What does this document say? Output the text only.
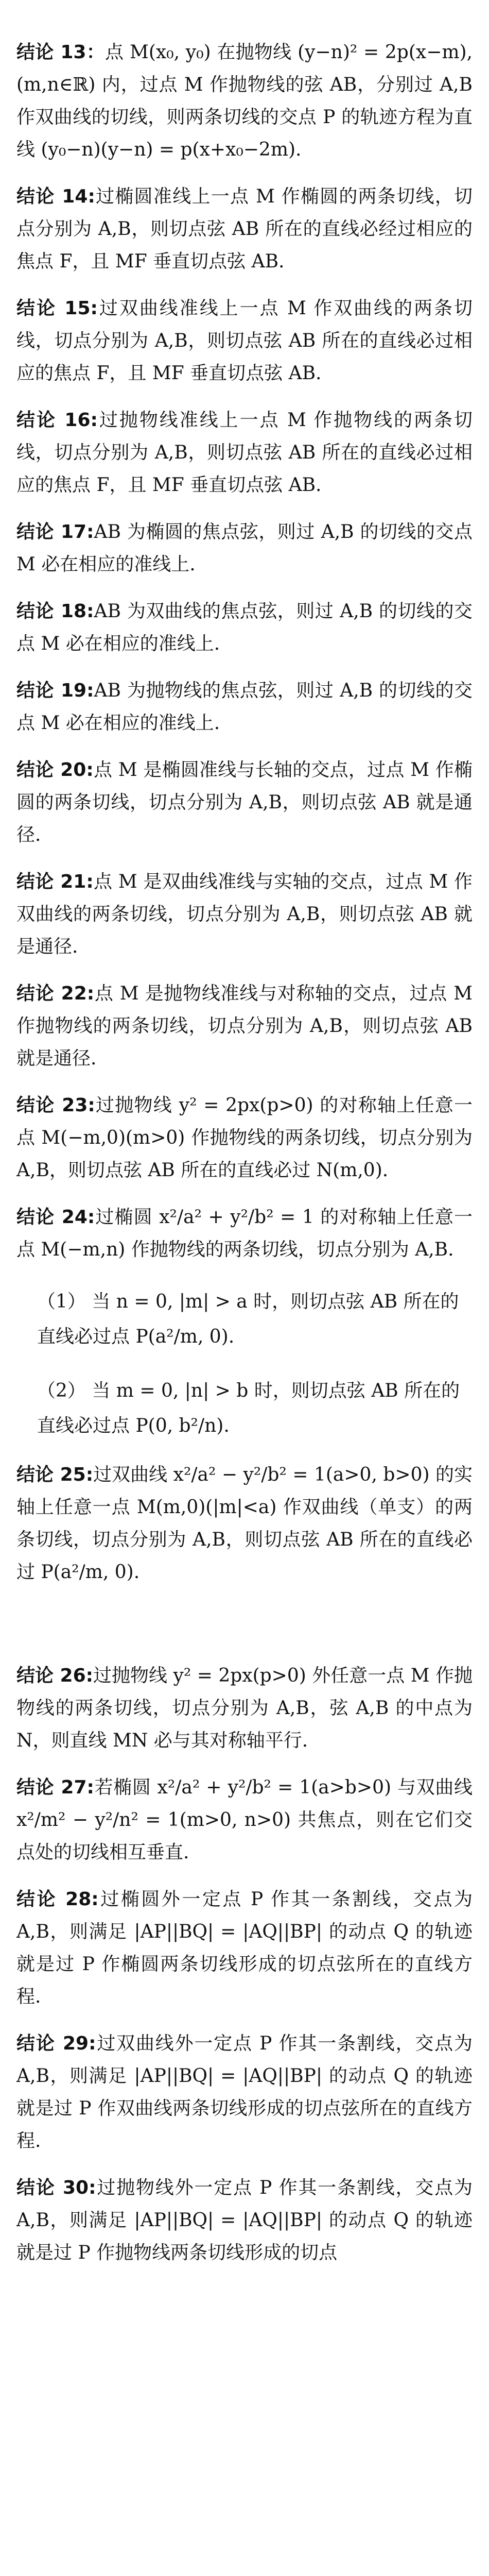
结论 13：点 M(x₀, y₀) 在抛物线 (y−n)² = 2p(x−m), (m,n∈ℝ) 内，过点 M 作抛物线的弦 AB，分别过 A,B 作双曲线的切线，则两条切线的交点 P 的轨迹方程为直线 (y₀−n)(y−n) = p(x+x₀−2m).

结论 14:过椭圆准线上一点 M 作椭圆的两条切线，切点分别为 A,B，则切点弦 AB 所在的直线必经过相应的焦点 F，且 MF 垂直切点弦 AB.

结论 15:过双曲线准线上一点 M 作双曲线的两条切线，切点分别为 A,B，则切点弦 AB 所在的直线必过相应的焦点 F，且 MF 垂直切点弦 AB.

结论 16:过抛物线准线上一点 M 作抛物线的两条切线，切点分别为 A,B，则切点弦 AB 所在的直线必过相应的焦点 F，且 MF 垂直切点弦 AB.

结论 17:AB 为椭圆的焦点弦，则过 A,B 的切线的交点 M 必在相应的准线上.

结论 18:AB 为双曲线的焦点弦，则过 A,B 的切线的交点 M 必在相应的准线上.

结论 19:AB 为抛物线的焦点弦，则过 A,B 的切线的交点 M 必在相应的准线上.

结论 20:点 M 是椭圆准线与长轴的交点，过点 M 作椭圆的两条切线，切点分别为 A,B，则切点弦 AB 就是通径.

结论 21:点 M 是双曲线准线与实轴的交点，过点 M 作双曲线的两条切线，切点分别为 A,B，则切点弦 AB 就是通径.

结论 22:点 M 是抛物线准线与对称轴的交点，过点 M 作抛物线的两条切线，切点分别为 A,B，则切点弦 AB 就是通径.

结论 23:过抛物线 y² = 2px(p>0) 的对称轴上任意一点 M(−m,0)(m>0) 作抛物线的两条切线，切点分别为 A,B，则切点弦 AB 所在的直线必过 N(m,0).

结论 24:过椭圆 x²/a² + y²/b² = 1 的对称轴上任意一点 M(−m,n) 作抛物线的两条切线，切点分别为 A,B.

（1） 当 n = 0, |m| > a 时，则切点弦 AB 所在的直线必过点 P(a²/m, 0).

（2） 当 m = 0, |n| > b 时，则切点弦 AB 所在的直线必过点 P(0, b²/n).

结论 25:过双曲线 x²/a² − y²/b² = 1(a>0, b>0) 的实轴上任意一点 M(m,0)(|m|<a) 作双曲线（单支）的两条切线，切点分别为 A,B，则切点弦 AB 所在的直线必过 P(a²/m, 0).

结论 26:过抛物线 y² = 2px(p>0) 外任意一点 M 作抛物线的两条切线，切点分别为 A,B，弦 A,B 的中点为 N，则直线 MN 必与其对称轴平行.

结论 27:若椭圆 x²/a² + y²/b² = 1(a>b>0) 与双曲线 x²/m² − y²/n² = 1(m>0, n>0) 共焦点，则在它们交点处的切线相互垂直.

结论 28:过椭圆外一定点 P 作其一条割线，交点为 A,B，则满足 |AP||BQ| = |AQ||BP| 的动点 Q 的轨迹就是过 P 作椭圆两条切线形成的切点弦所在的直线方程.

结论 29:过双曲线外一定点 P 作其一条割线，交点为 A,B，则满足 |AP||BQ| = |AQ||BP| 的动点 Q 的轨迹就是过 P 作双曲线两条切线形成的切点弦所在的直线方程.

结论 30:过抛物线外一定点 P 作其一条割线，交点为 A,B，则满足 |AP||BQ| = |AQ||BP| 的动点 Q 的轨迹就是过 P 作抛物线两条切线形成的切点
